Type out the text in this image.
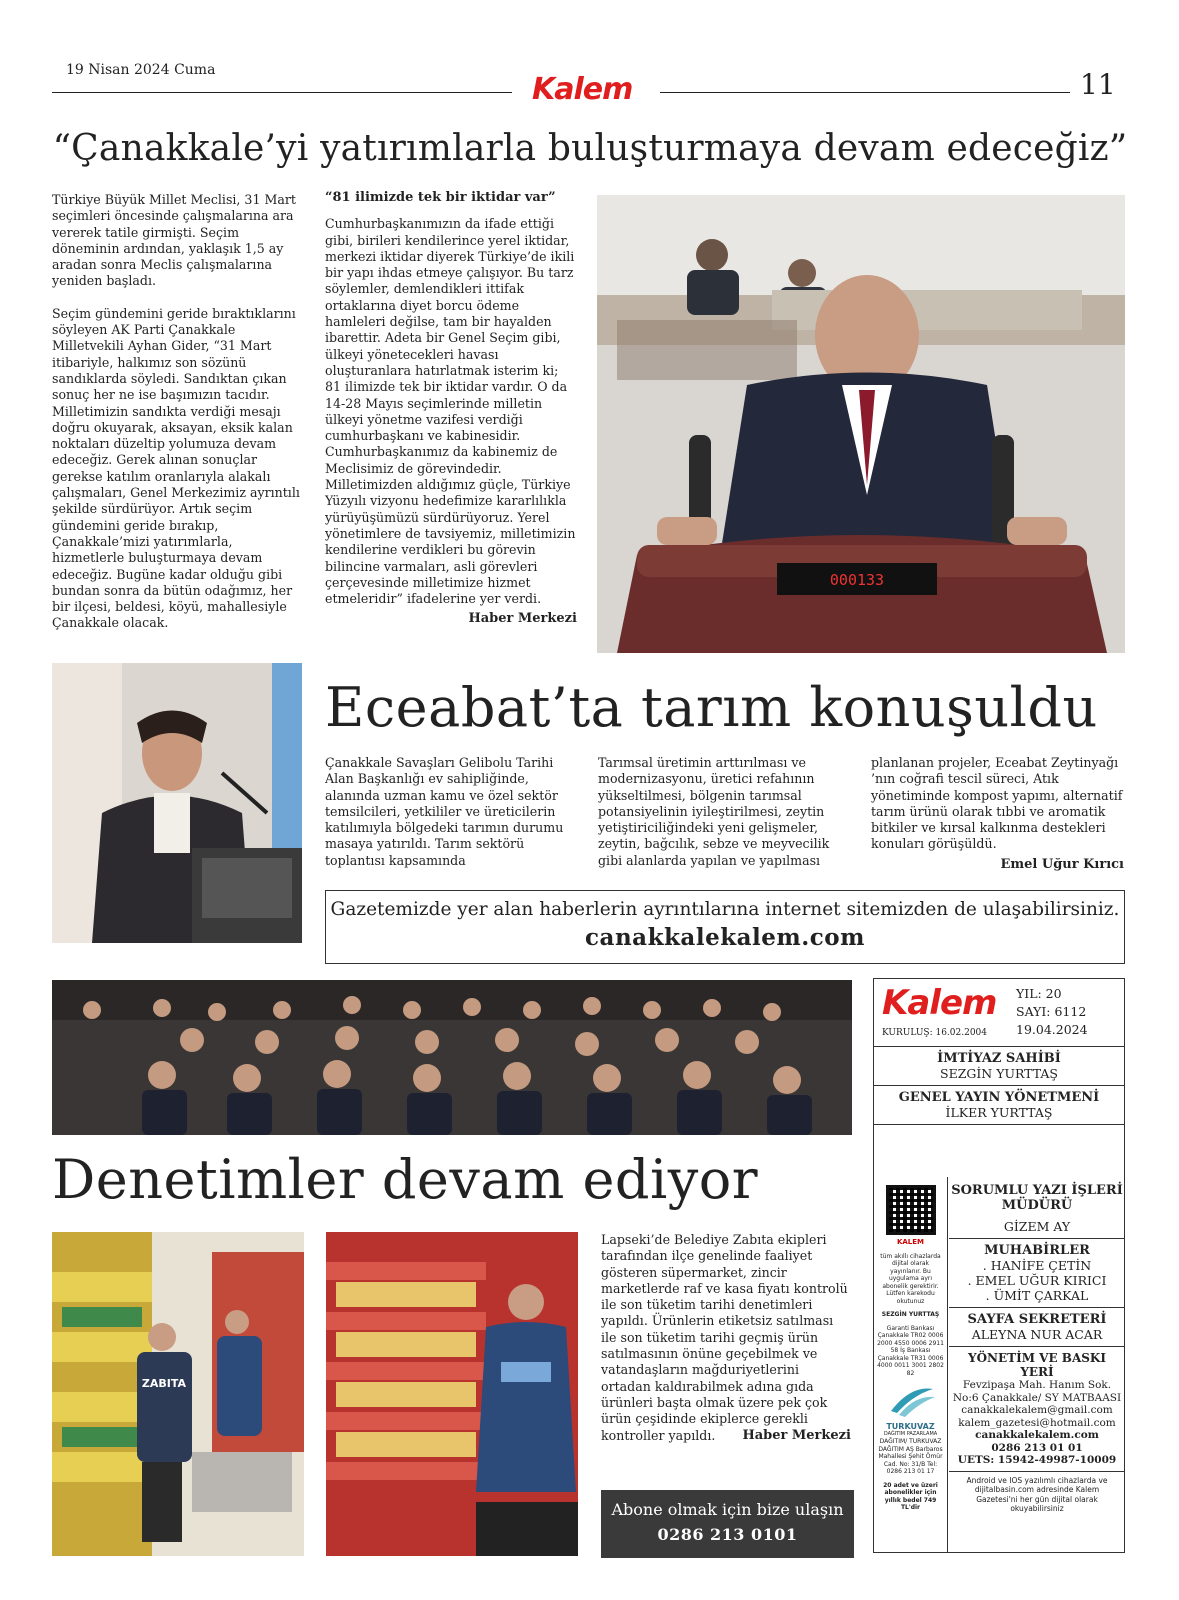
19 Nisan 2024 Cuma
Kalem	11
“Çanakkale’yi yatırımlarla buluşturmaya devam edeceğiz”

Türkiye Büyük Millet Meclisi, 31 Mart seçimleri öncesinde çalışmalarına ara vererek tatile girmişti. Seçim döneminin ardından, yaklaşık 1,5 ay aradan sonra Meclis çalışmalarına yeniden başladı.

Seçim gündemini geride bıraktıklarını söyleyen AK Parti Çanakkale Milletvekili Ayhan Gider, “31 Mart itibariyle, halkımız son sözünü sandıklarda söyledi. Sandıktan çıkan sonuç her ne ise başımızın tacıdır. Milletimizin sandıkta verdiği mesajı doğru okuyarak, aksayan, eksik kalan noktaları düzeltip yolumuza devam edeceğiz. Gerek alınan sonuçlar gerekse katılım oranlarıyla alakalı çalışmaları, Genel Merkezimiz ayrıntılı şekilde sürdürüyor. Artık seçim gündemini geride bırakıp, Çanakkale’mizi yatırımlarla, hizmetlerle buluşturmaya devam edeceğiz. Bugüne kadar olduğu gibi bundan sonra da bütün odağımız, her bir ilçesi, beldesi, köyü, mahallesiyle Çanakkale olacak.

“81 ilimizde tek bir iktidar var”

Cumhurbaşkanımızın da ifade ettiği gibi, birileri kendilerince yerel iktidar, merkezi iktidar diyerek Türkiye’de ikili bir yapı ihdas etmeye çalışıyor. Bu tarz söylemler, demlendikleri ittifak ortaklarına diyet borcu ödeme hamleleri değilse, tam bir hayalden ibarettir. Adeta bir Genel Seçim gibi, ülkeyi yönetecekleri havası oluşturanlara hatırlatmak isterim ki; 81 ilimizde tek bir iktidar vardır. O da 14-28 Mayıs seçimlerinde milletin ülkeyi yönetme vazifesi verdiği cumhurbaşkanı ve kabinesidir. Cumhurbaşkanımız da kabinemiz de Meclisimiz de görevindedir. Milletimizden aldığımız güçle, Türkiye Yüzyılı vizyonu hedefimize kararlılıkla yürüyüşümüzü sürdürüyoruz. Yerel yönetimlere de tavsiyemiz, milletimizin kendilerine verdikleri bu görevin bilincine varmaları, asli görevleri çerçevesinde milletimize hizmet etmeleridir” ifadelerine yer verdi.

Haber Merkezi
000133
Eceabat’ta tarım konuşuldu

Çanakkale Savaşları Gelibolu Tarihi Alan Başkanlığı ev sahipliğinde, alanında uzman kamu ve özel sektör temsilcileri, yetkililer ve üreticilerin katılımıyla bölgedeki tarımın durumu masaya yatırıldı. Tarım sektörü toplantısı kapsamında

Tarımsal üretimin arttırılması ve modernizasyonu, üretici refahının yükseltilmesi, bölgenin tarımsal potansiyelinin iyileştirilmesi, zeytin yetiştiriciliğindeki yeni gelişmeler, zeytin, bağcılık, sebze ve meyvecilik gibi alanlarda yapılan ve yapılması

planlanan projeler, Eceabat Zeytinyağı ’nın coğrafi tescil süreci, Atık yönetiminde kompost yapımı, alternatif tarım ürünü olarak tıbbi ve aromatik bitkiler ve kırsal kalkınma destekleri konuları görüşüldü.

Emel Uğur Kırıcı
Gazetemizde yer alan haberlerin ayrıntılarına internet sitemizden de ulaşabilirsiniz.
canakkalekalem.com
Denetimler devam ediyor
ZABITA

Lapseki’de Belediye Zabıta ekipleri tarafından ilçe genelinde faaliyet gösteren süpermarket, zincir marketlerde raf ve kasa fiyatı kontrolü ile son tüketim tarihi denetimleri yapıldı. Ürünlerin etiketsiz satılması ile son tüketim tarihi geçmiş ürün satılmasının önüne geçebilmek ve vatandaşların mağduriyetlerini ortadan kaldırabilmek adına gıda ürünleri başta olmak üzere pek çok ürün çeşidinde ekiplerce gerekli kontroller yapıldı.	Haber Merkezi
Abone olmak için bize ulaşın
0286 213 0101
Kalem
KURULUŞ: 16.02.2004
YIL: 20
SAYI: 6112
19.04.2024
İMTİYAZ SAHİBİ
SEZGİN YURTTAŞ
GENEL YAYIN YÖNETMENİ
İLKER YURTTAŞ
KALEM
tüm akıllı cihazlarda dijital olarak yayınlanır. Bu uygulama ayrı abonelik gerektirir. Lütfen karekodu okutunuz
SEZGİN YURTTAŞ
Garanti Bankası Çanakkale TR02 0006 2000 4550 0006 2911 58 İş Bankası Çanakkale TR31 0006 4000 0011 3001 2802 82
TURKUVAZ
DAĞITIM PAZARLAMA
DAĞITIM/ TURKUVAZ DAĞITIM AŞ Barbaros Mahallesi Şehit Ömür Cad. No: 31/B Tel: 0286 213 01 17
20 adet ve üzeri abonelikler için yıllık bedel 749 TL'dir
SORUMLU YAZI İŞLERİ MÜDÜRÜ
GİZEM AY
MUHABİRLER
. HANİFE ÇETİN
. EMEL UĞUR KIRICI
. ÜMİT ÇARKAL
SAYFA SEKRETERİ
ALEYNA NUR ACAR
YÖNETİM VE BASKI YERİ
Fevzipaşa Mah. Hanım Sok. No:6 Çanakkale/ SY MATBAASI
canakkalekalem@gmail.com
kalem_gazetesi@hotmail.com
canakkalekalem.com
0286 213 01 01
UETS: 15942-49987-10009
Android ve IOS yazılımlı cihazlarda ve dijitalbasin.com adresinde Kalem Gazetesi'ni her gün dijital olarak okuyabilirsiniz
